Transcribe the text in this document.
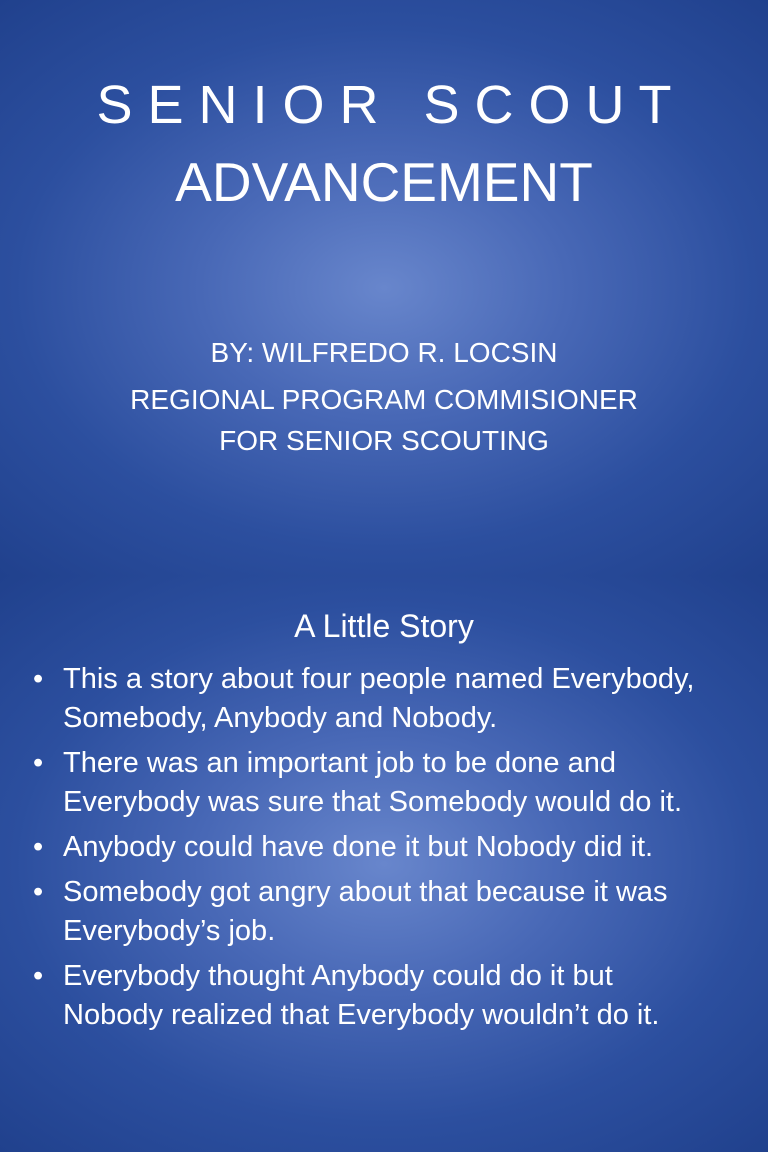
S E N I O R   S C O U T
ADVANCEMENT

BY: WILFREDO R. LOCSIN

REGIONAL PROGRAM COMMISIONER

FOR SENIOR SCOUTING

A Little Story
• This a story about four people named Everybody,
Somebody, Anybody and Nobody.
• There was an important job to be done and
Everybody was sure that Somebody would do it.
• Anybody could have done it but Nobody did it.
• Somebody got angry about that because it was
Everybody’s job.
• Everybody thought Anybody could do it but
Nobody realized that Everybody wouldn’t do it.
